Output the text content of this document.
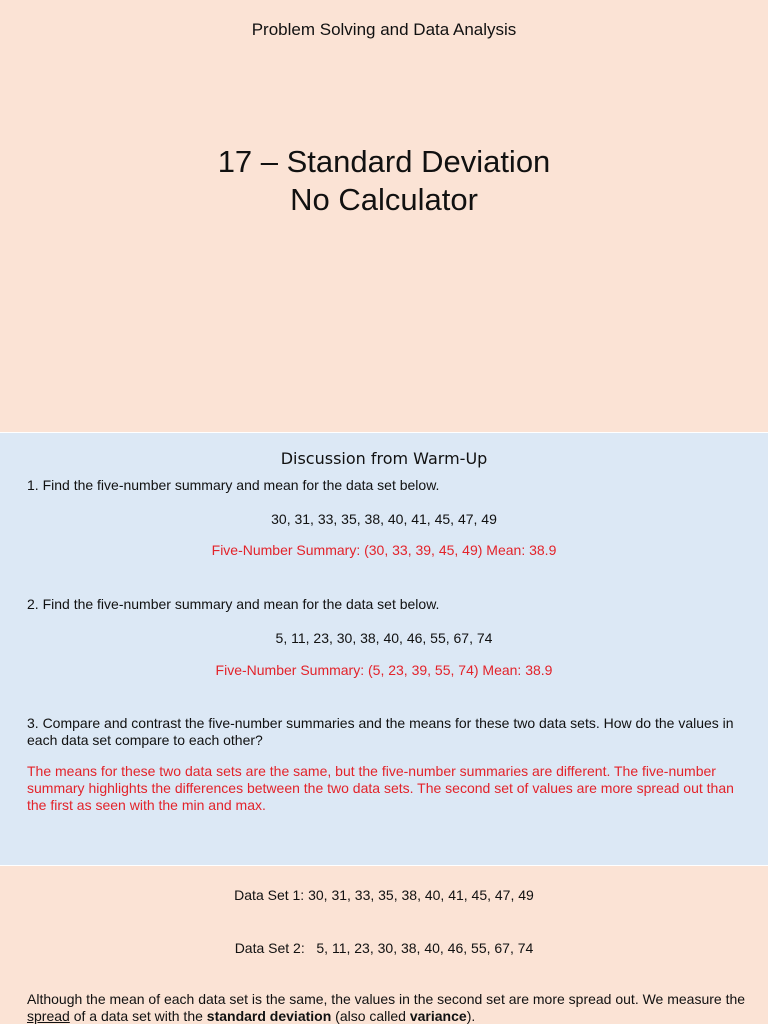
Problem Solving and Data Analysis
17 – Standard Deviation
No Calculator
Discussion from Warm-Up
1. Find the five-number summary and mean for the data set below.
30, 31, 33, 35, 38, 40, 41, 45, 47, 49
Five-Number Summary: (30, 33, 39, 45, 49) Mean: 38.9
2. Find the five-number summary and mean for the data set below.
5, 11, 23, 30, 38, 40, 46, 55, 67, 74
Five-Number Summary: (5, 23, 39, 55, 74) Mean: 38.9
3. Compare and contrast the five-number summaries and the means for these two data sets. How do the values in each data set compare to each other?
The means for these two data sets are the same, but the five-number summaries are different. The five-number summary highlights the differences between the two data sets. The second set of values are more spread out than the first as seen with the min and max.
Data Set 1: 30, 31, 33, 35, 38, 40, 41, 45, 47, 49
Data Set 2:   5, 11, 23, 30, 38, 40, 46, 55, 67, 74
Although the mean of each data set is the same, the values in the second set are more spread out. We measure the spread of a data set with the standard deviation (also called variance).
